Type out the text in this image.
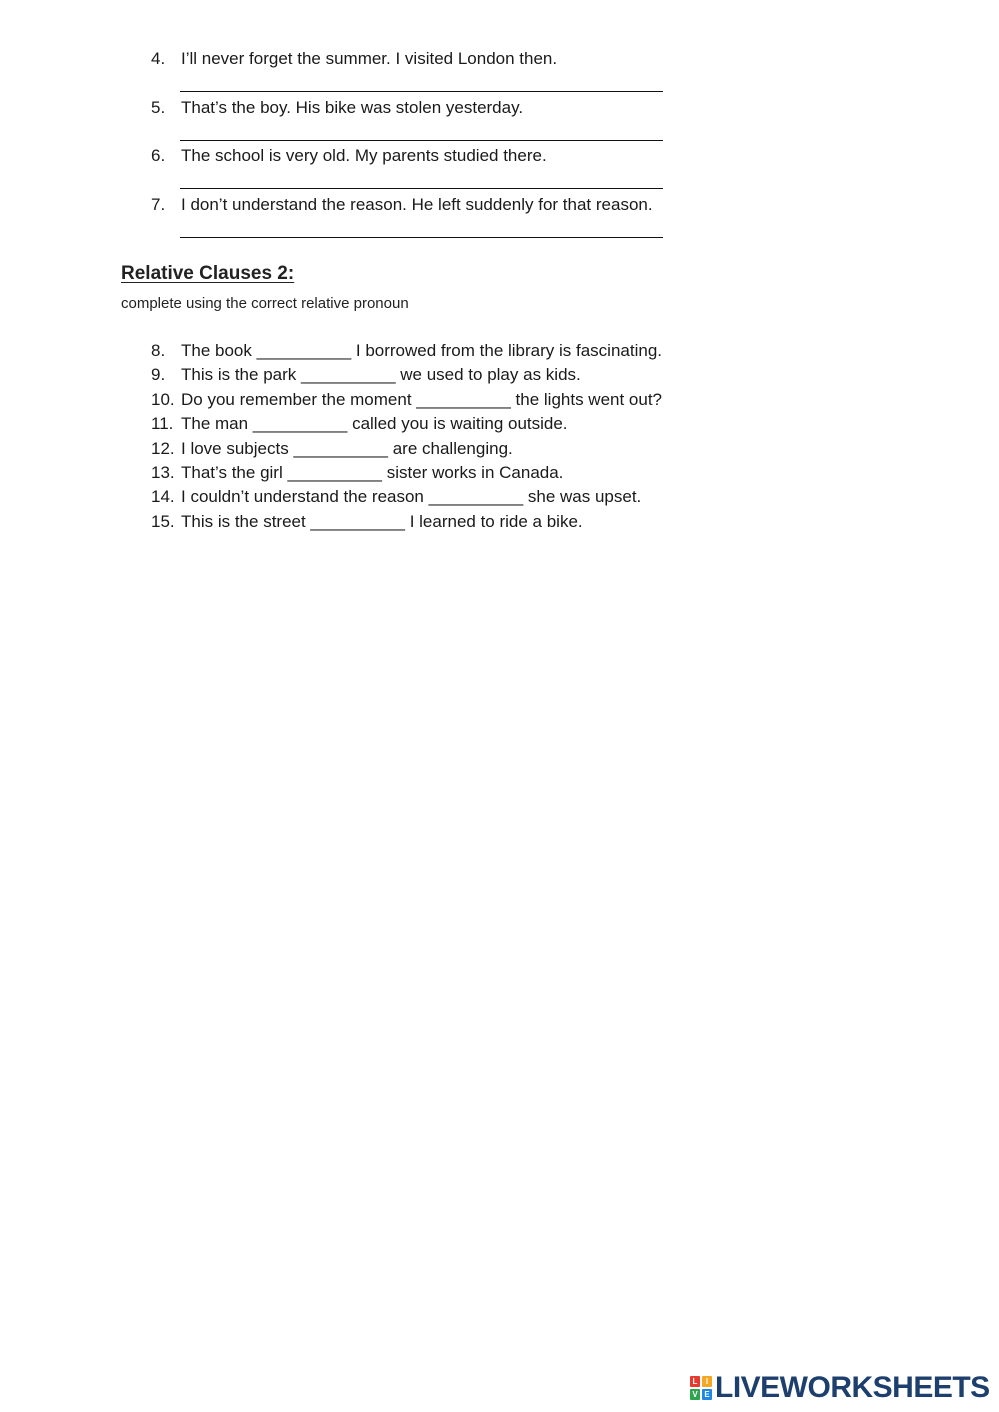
4. I’ll never forget the summer. I visited London then.
5. That’s the boy. His bike was stolen yesterday.
6. The school is very old. My parents studied there.
7. I don’t understand the reason. He left suddenly for that reason.
Relative Clauses 2:
complete using the correct relative pronoun
8. The book __________ I borrowed from the library is fascinating.
9. This is the park __________ we used to play as kids.
10. Do you remember the moment __________ the lights went out?
11. The man __________ called you is waiting outside.
12. I love subjects __________ are challenging.
13. That’s the girl __________ sister works in Canada.
14. I couldn’t understand the reason __________ she was upset.
15. This is the street __________ I learned to ride a bike.
L	I
V E LIVEWORKSHEETS
